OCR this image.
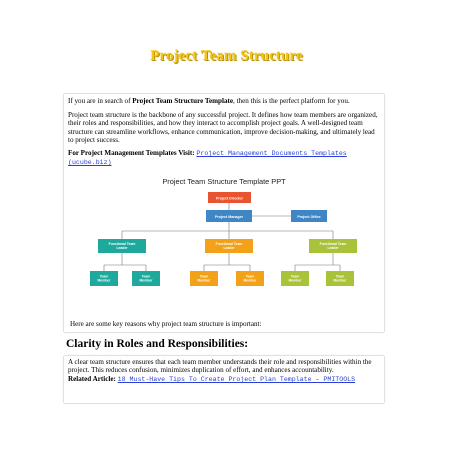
Project Team Structure

If you are in search of Project Team Structure Template, then this is the perfect platform for you.

Project team structure is the backbone of any successful project. It defines how team members are organized, their roles and responsibilities, and how they interact to accomplish project goals. A well-designed team structure can streamline workflows, enhance communication, improve decision-making, and ultimately lead to project success.

For Project Management Templates Visit: Project Management Documents Templates (ucube.biz)

Project Team Structure Template PPT
Project Director
Project Manager	Project Office
Functional Team Leader
Functional Team Leader
Functional Team Leader
Team Member
Team Member
Team Member
Team Member
Team Member
Team Member

Here are some key reasons why project team structure is important:

Clarity in Roles and Responsibilities:

A clear team structure ensures that each team member understands their role and responsibilities within the project. This reduces confusion, minimizes duplication of effort, and enhances accountability.

Related Article: 18 Must-Have Tips To Create Project Plan Template – PMITOOLS
